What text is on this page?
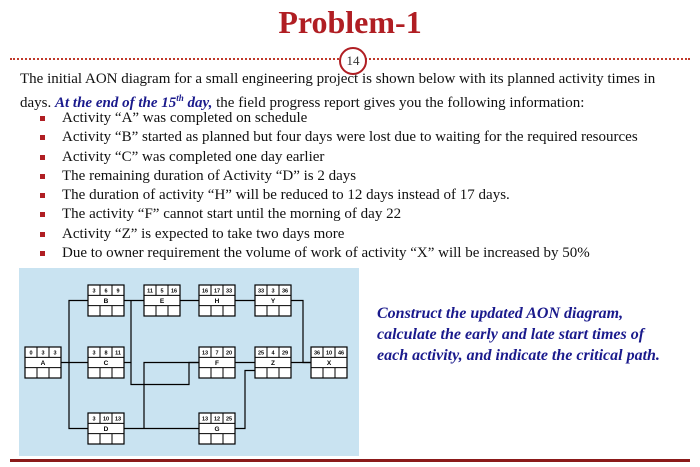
Problem-1
14
The initial AON diagram for a small engineering project is shown below with its planned activity times in days. At the end of the 15th day, the field progress report gives you the following information:
Activity “A” was completed on schedule
Activity “B” started as planned but four days were lost due to waiting for the required resources
Activity “C” was completed one day earlier
The remaining duration of Activity “D” is 2 days
The duration of activity “H” will be reduced to 12 days instead of 17 days.
The activity “F” cannot start until the morning of day 22
Activity “Z” is expected to take two days more
Due to owner requirement the volume of work of activity “X” will be increased by 50%
3 6 9
B
11 5 16
E
16 17 33
H
33 3 36
Y
0 3 3
A
3 8 11
C
13 7 20
F
25 4 29
Z
36 10 46
X
3 10 13
D
13 12 25
G
Construct the updated AON diagram, calculate the early and late start times of each activity, and indicate the critical path.
